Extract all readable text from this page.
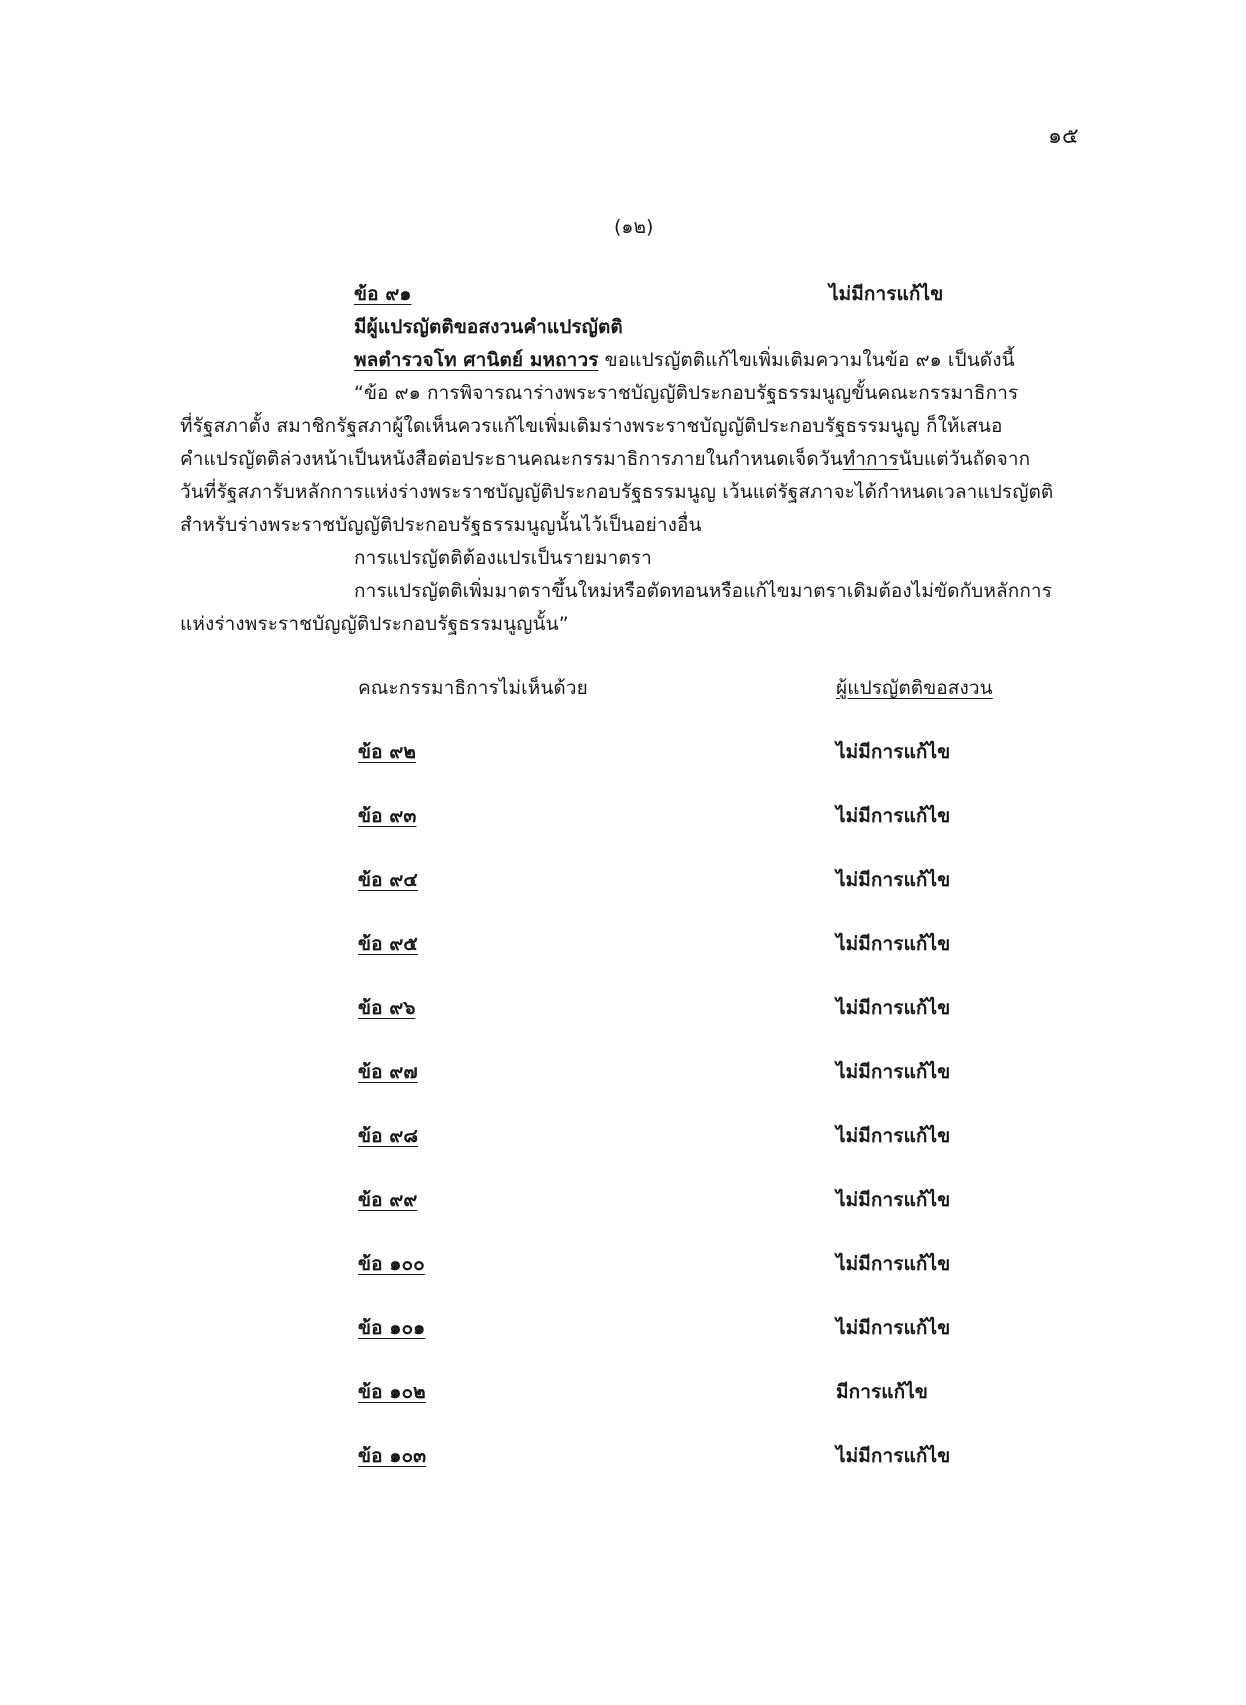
๑๕
(๑๒)
ข้อ ๙๑	ไม่มีการแก้ไข
มีผู้แปรญัตติขอสงวนคำแปรญัตติ
พลตำรวจโท ศานิตย์ มหถาวร ขอแปรญัตติแก้ไขเพิ่มเติมความในข้อ ๙๑ เป็นดังนี้
“ข้อ ๙๑ การพิจารณาร่างพระราชบัญญัติประกอบรัฐธรรมนูญขั้นคณะกรรมาธิการ
ที่รัฐสภาตั้ง สมาชิกรัฐสภาผู้ใดเห็นควรแก้ไขเพิ่มเติมร่างพระราชบัญญัติประกอบรัฐธรรมนูญ ก็ให้เสนอ
คำแปรญัตติล่วงหน้าเป็นหนังสือต่อประธานคณะกรรมาธิการภายในกำหนดเจ็ดวันทำการนับแต่วันถัดจาก
วันที่รัฐสภารับหลักการแห่งร่างพระราชบัญญัติประกอบรัฐธรรมนูญ เว้นแต่รัฐสภาจะได้กำหนดเวลาแปรญัตติ
สำหรับร่างพระราชบัญญัติประกอบรัฐธรรมนูญนั้นไว้เป็นอย่างอื่น
การแปรญัตติต้องแปรเป็นรายมาตรา
การแปรญัตติเพิ่มมาตราขึ้นใหม่หรือตัดทอนหรือแก้ไขมาตราเดิมต้องไม่ขัดกับหลักการ
แห่งร่างพระราชบัญญัติประกอบรัฐธรรมนูญนั้น”
คณะกรรมาธิการไม่เห็นด้วย	ผู้แปรญัตติขอสงวน
ข้อ ๙๒	ไม่มีการแก้ไข
ข้อ ๙๓	ไม่มีการแก้ไข
ข้อ ๙๔	ไม่มีการแก้ไข
ข้อ ๙๕	ไม่มีการแก้ไข
ข้อ ๙๖	ไม่มีการแก้ไข
ข้อ ๙๗	ไม่มีการแก้ไข
ข้อ ๙๘	ไม่มีการแก้ไข
ข้อ ๙๙	ไม่มีการแก้ไข
ข้อ ๑๐๐	ไม่มีการแก้ไข
ข้อ ๑๐๑	ไม่มีการแก้ไข
ข้อ ๑๐๒	มีการแก้ไข
ข้อ ๑๐๓	ไม่มีการแก้ไข
